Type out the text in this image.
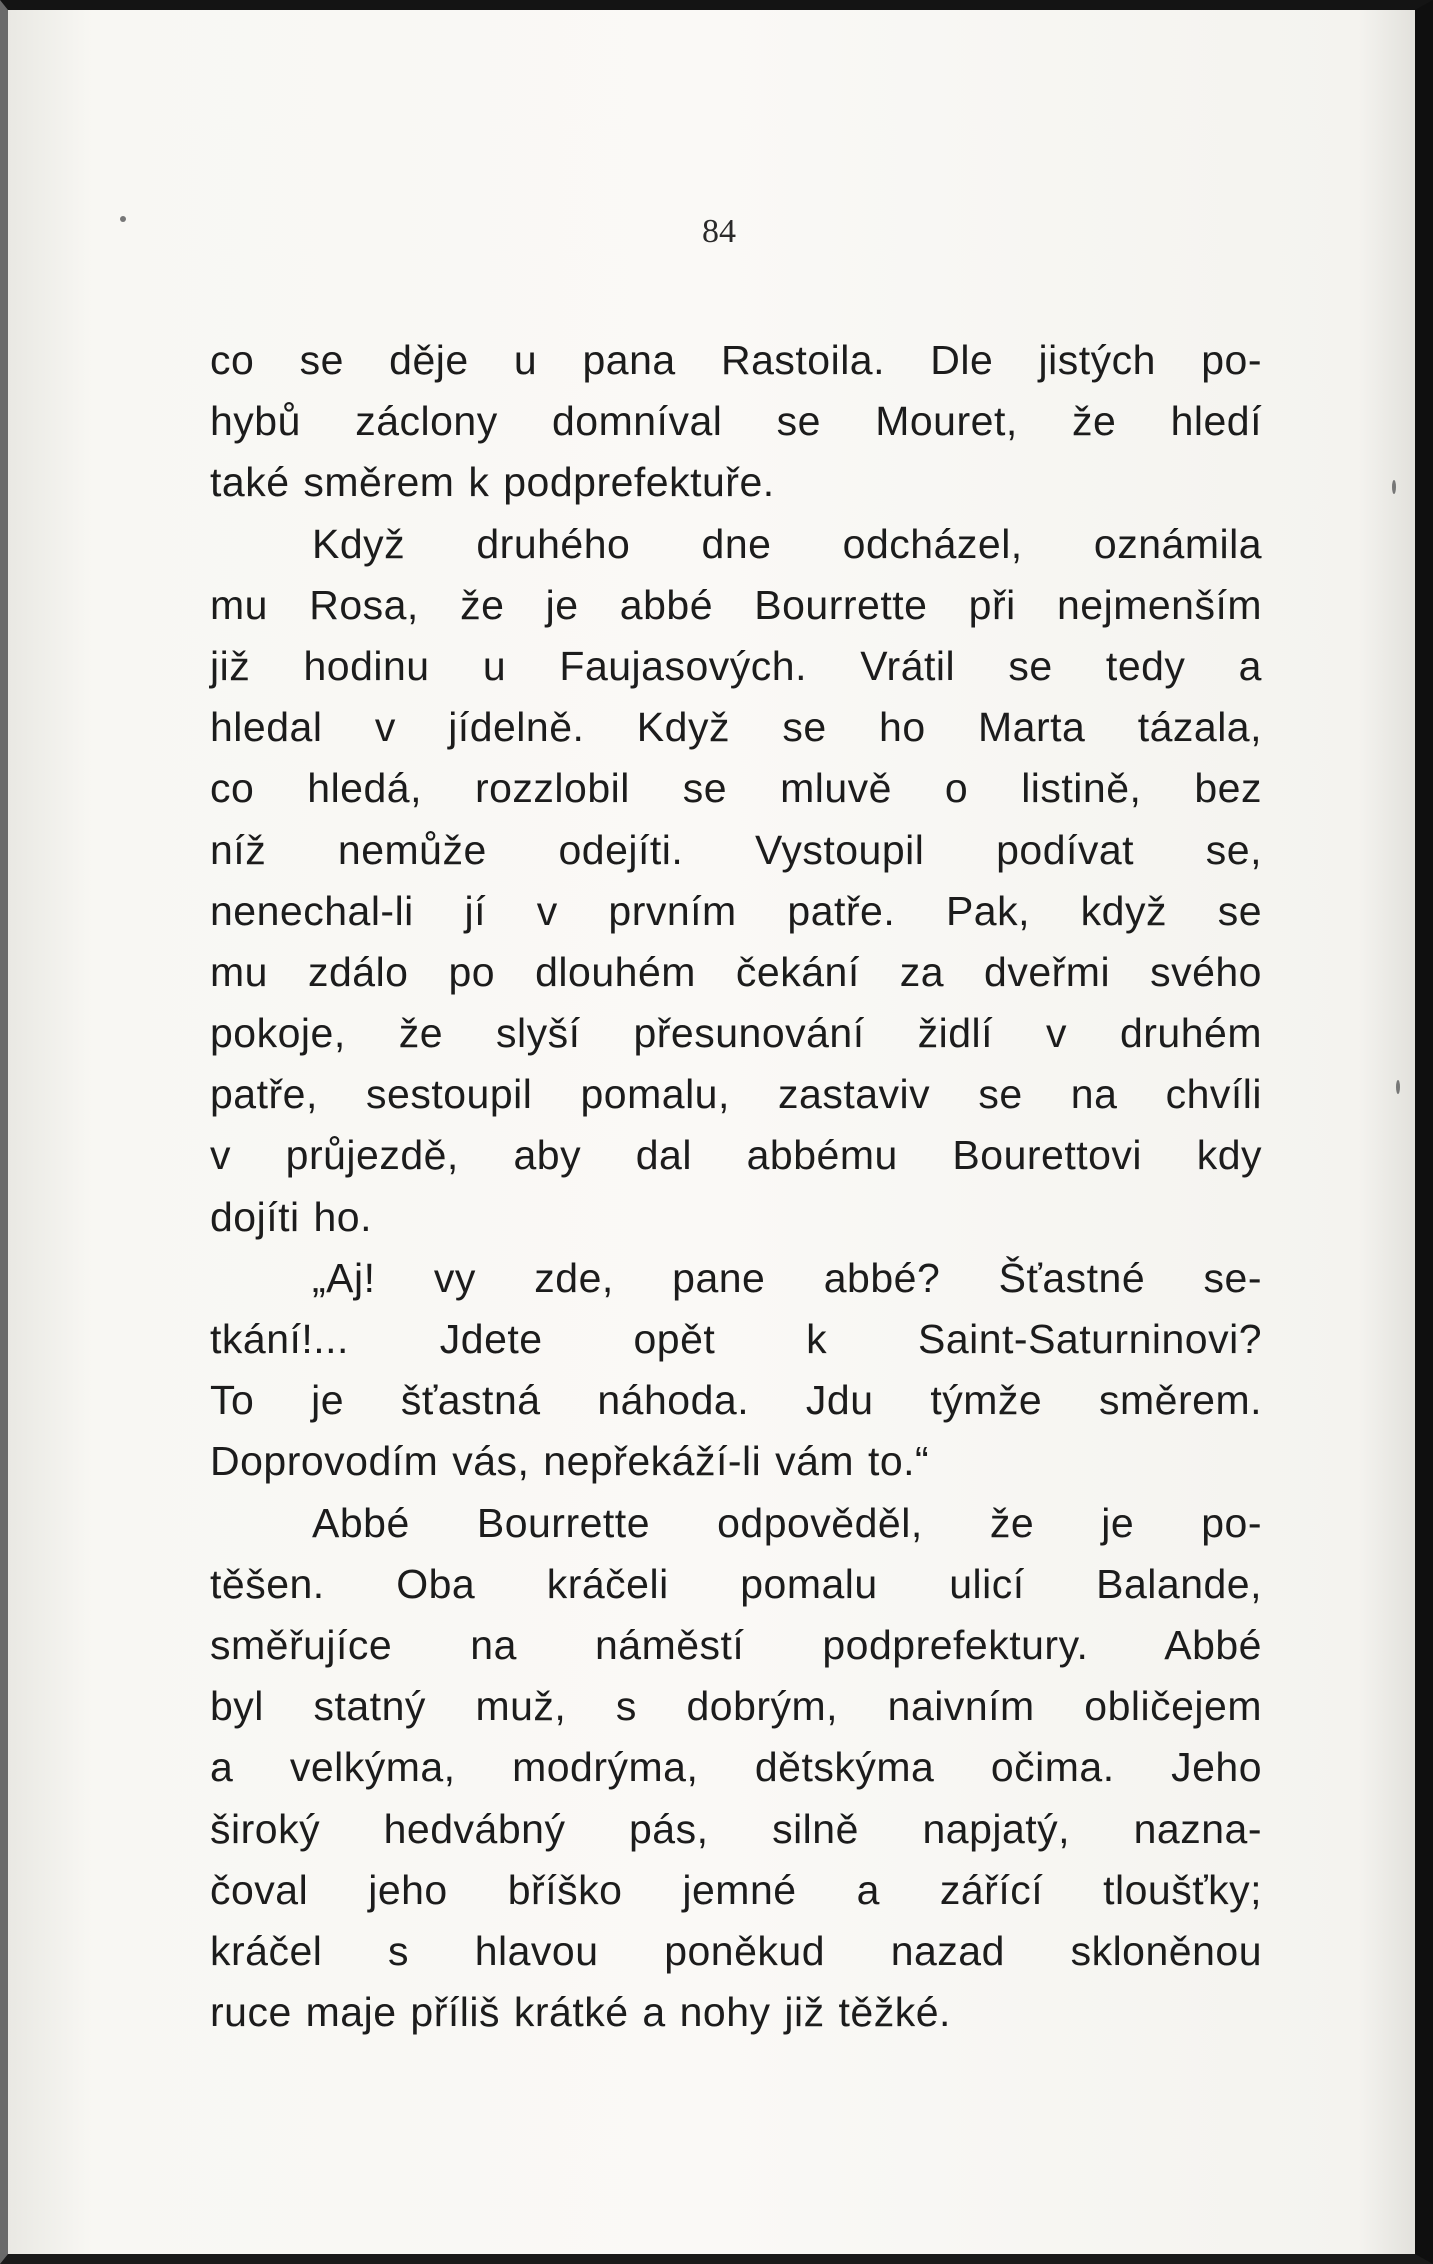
84
co se děje u pana Rastoila. Dle jistých po-
hybů záclony domníval se Mouret, že hledí
také směrem k podprefektuře.
Když druhého dne odcházel, oznámila
mu Rosa, že je abbé Bourrette při nejmenším
již hodinu u Faujasových. Vrátil se tedy a
hledal v jídelně. Když se ho Marta tázala,
co hledá, rozzlobil se mluvě o listině, bez
níž nemůže odejíti. Vystoupil podívat se,
nenechal-li jí v prvním patře. Pak, když se
mu zdálo po dlouhém čekání za dveřmi svého
pokoje, že slyší přesunování židlí v druhém
patře, sestoupil pomalu, zastaviv se na chvíli
v průjezdě, aby dal abbému Bourettovi kdy
dojíti ho.
„Aj! vy zde, pane abbé? Šťastné se-
tkání!... Jdete opět k Saint-Saturninovi?
To je šťastná náhoda. Jdu týmže směrem.
Doprovodím vás, nepřekáží-li vám to.“
Abbé Bourrette odpověděl, že je po-
těšen. Oba kráčeli pomalu ulicí Balande,
směřujíce na náměstí podprefektury. Abbé
byl statný muž, s dobrým, naivním obličejem
a velkýma, modrýma, dětskýma očima. Jeho
široký hedvábný pás, silně napjatý, nazna-
čoval jeho bříško jemné a zářící tloušťky;
kráčel s hlavou poněkud nazad skloněnou
ruce maje příliš krátké a nohy již těžké.
